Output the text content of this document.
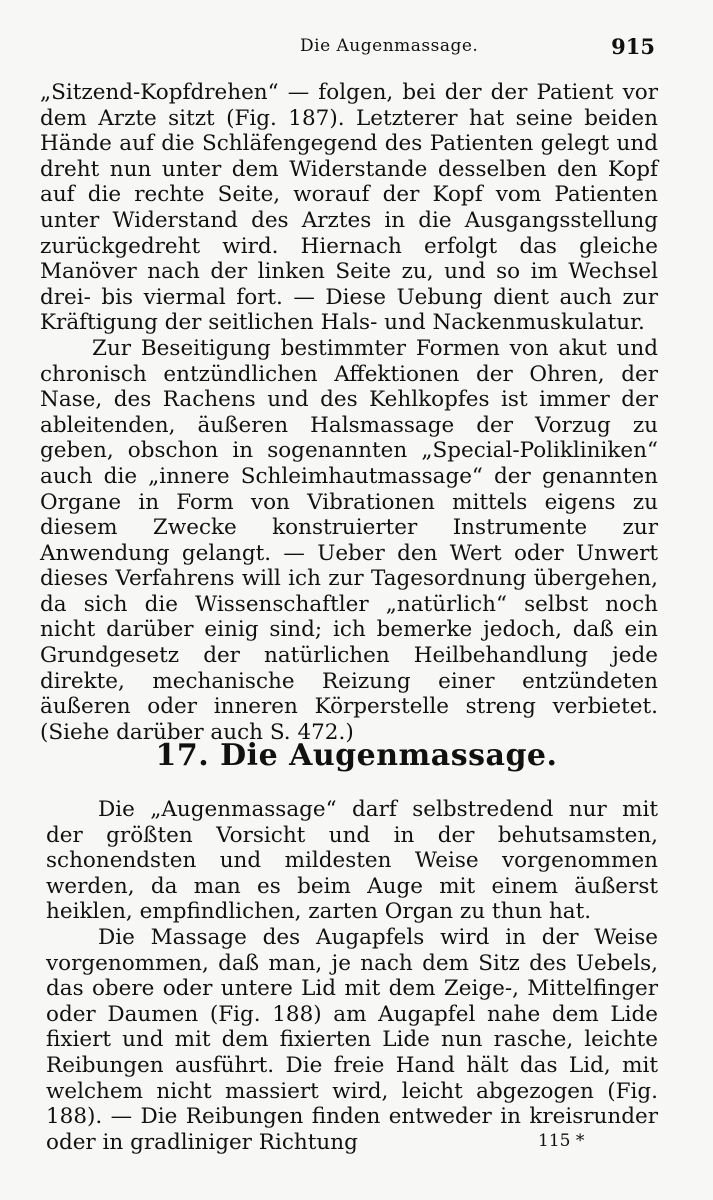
Die Augenmassage.	915

„Sitzend-Kopfdrehen“ — folgen, bei der der Patient vor dem Arzte sitzt (Fig. 187). Letzterer hat seine beiden Hände auf die Schläfengegend des Patienten gelegt und dreht nun unter dem Widerstande desselben den Kopf auf die rechte Seite, worauf der Kopf vom Patienten unter Widerstand des Arztes in die Ausgangsstellung zurückgedreht wird. Hiernach erfolgt das gleiche Manöver nach der linken Seite zu, und so im Wechsel drei- bis viermal fort. — Diese Uebung dient auch zur Kräftigung der seitlichen Hals- und Nackenmuskulatur.

Zur Beseitigung bestimmter Formen von akut und chronisch entzündlichen Affektionen der Ohren, der Nase, des Rachens und des Kehlkopfes ist immer der ableitenden, äußeren Halsmassage der Vorzug zu geben, obschon in sogenannten „Special-Polikliniken“ auch die „innere Schleimhautmassage“ der genannten Organe in Form von Vibrationen mittels eigens zu diesem Zwecke konstruierter Instrumente zur Anwendung gelangt. — Ueber den Wert oder Unwert dieses Verfahrens will ich zur Tagesordnung übergehen, da sich die Wissenschaftler „natürlich“ selbst noch nicht darüber einig sind; ich bemerke jedoch, daß ein Grundgesetz der natürlichen Heilbehandlung jede direkte, mechanische Reizung einer entzündeten äußeren oder inneren Körperstelle streng verbietet. (Siehe darüber auch S. 472.)

17. Die Augenmassage.

Die „Augenmassage“ darf selbstredend nur mit der größten Vorsicht und in der behutsamsten, schonendsten und mildesten Weise vorgenommen werden, da man es beim Auge mit einem äußerst heiklen, empfindlichen, zarten Organ zu thun hat.

Die Massage des Augapfels wird in der Weise vorgenommen, daß man, je nach dem Sitz des Uebels, das obere oder untere Lid mit dem Zeige-, Mittelfinger oder Daumen (Fig. 188) am Augapfel nahe dem Lide fixiert und mit dem fixierten Lide nun rasche, leichte Reibungen ausführt. Die freie Hand hält das Lid, mit welchem nicht massiert wird, leicht abgezogen (Fig. 188). — Die Reibungen finden entweder in kreisrunder oder in gradliniger Richtung	115 *
